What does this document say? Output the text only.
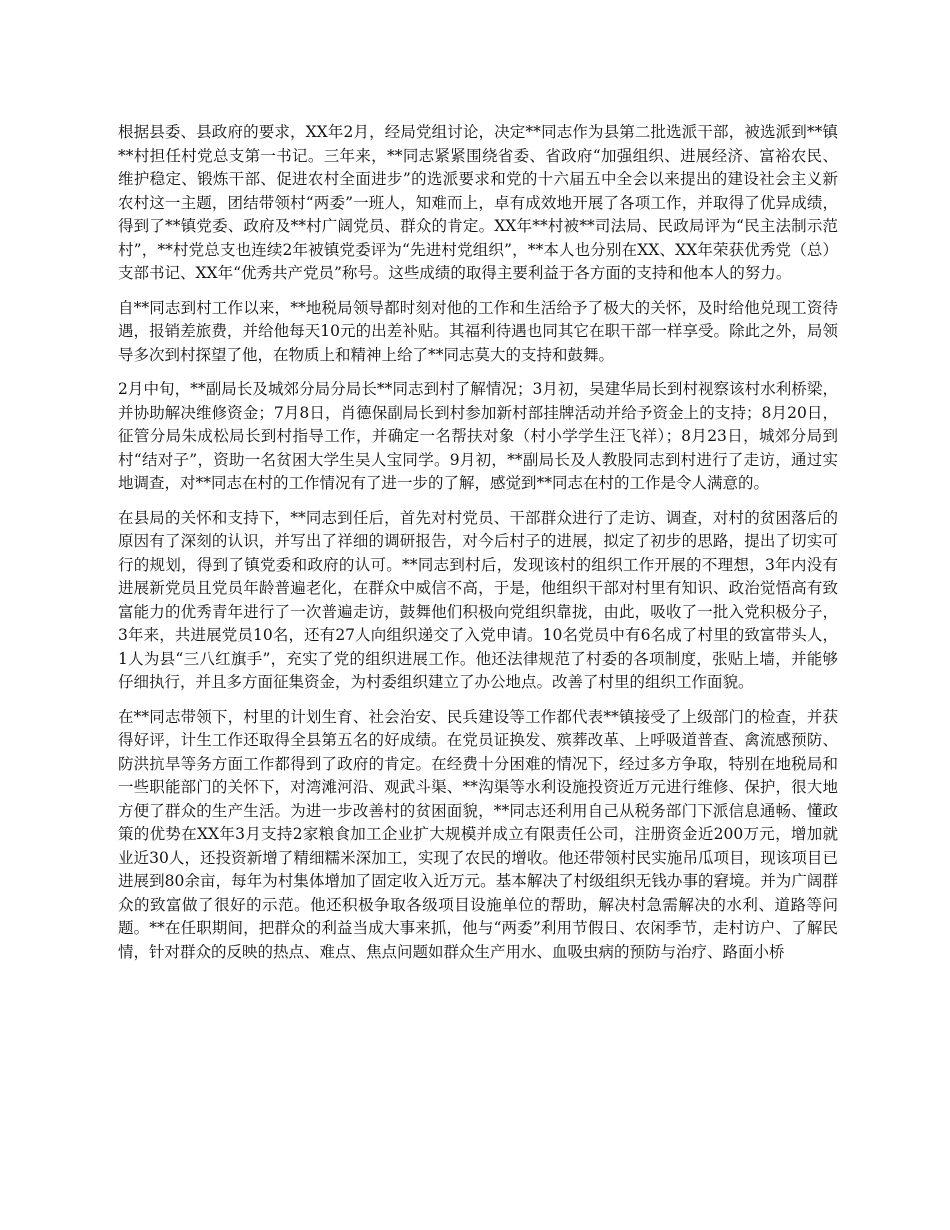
根据县委、县政府的要求，XX年2月，经局党组讨论，决定**同志作为县第二批选派干部，被选派到**镇**村担任村党总支第一书记。三年来，**同志紧紧围绕省委、省政府“加强组织、进展经济、富裕农民、维护稳定、锻炼干部、促进农村全面进步”的选派要求和党的十六届五中全会以来提出的建设社会主义新农村这一主题，团结带领村“两委”一班人，知难而上，卓有成效地开展了各项工作，并取得了优异成绩，得到了**镇党委、政府及**村广阔党员、群众的肯定。XX年**村被**司法局、民政局评为“民主法制示范村”，**村党总支也连续2年被镇党委评为“先进村党组织”，**本人也分别在XX、XX年荣获优秀党（总）支部书记、XX年“优秀共产党员”称号。这些成绩的取得主要利益于各方面的支持和他本人的努力。

自**同志到村工作以来，**地税局领导都时刻对他的工作和生活给予了极大的关怀，及时给他兑现工资待遇，报销差旅费，并给他每天10元的出差补贴。其福利待遇也同其它在职干部一样享受。除此之外，局领导多次到村探望了他，在物质上和精神上给了**同志莫大的支持和鼓舞。

2月中旬，**副局长及城郊分局分局长**同志到村了解情况；3月初，吴建华局长到村视察该村水利桥梁，并协助解决维修资金；7月8日，肖德保副局长到村参加新村部挂牌活动并给予资金上的支持；8月20日，征管分局朱成松局长到村指导工作，并确定一名帮扶对象（村小学学生汪飞祥）；8月23日，城郊分局到村“结对子”，资助一名贫困大学生吴人宝同学。9月初，**副局长及人教股同志到村进行了走访，通过实地调查，对**同志在村的工作情况有了进一步的了解，感觉到**同志在村的工作是令人满意的。

在县局的关怀和支持下，**同志到任后，首先对村党员、干部群众进行了走访、调查，对村的贫困落后的原因有了深刻的认识，并写出了祥细的调研报告，对今后村子的进展，拟定了初步的思路，提出了切实可行的规划，得到了镇党委和政府的认可。**同志到村后，发现该村的组织工作开展的不理想，3年内没有进展新党员且党员年龄普遍老化，在群众中威信不高，于是，他组织干部对村里有知识、政治觉悟高有致富能力的优秀青年进行了一次普遍走访，鼓舞他们积极向党组织靠拢，由此，吸收了一批入党积极分子，3年来，共进展党员10名，还有27人向组织递交了入党申请。10名党员中有6名成了村里的致富带头人，1人为县“三八红旗手”，充实了党的组织进展工作。他还法律规范了村委的各项制度，张贴上墙，并能够仔细执行，并且多方面征集资金，为村委组织建立了办公地点。改善了村里的组织工作面貌。

在**同志带领下，村里的计划生育、社会治安、民兵建设等工作都代表**镇接受了上级部门的检查，并获得好评，计生工作还取得全县第五名的好成绩。在党员证换发、殡葬改革、上呼吸道普查、禽流感预防、防洪抗旱等务方面工作都得到了政府的肯定。在经费十分困难的情况下，经过多方争取，特别在地税局和一些职能部门的关怀下，对湾滩河沿、观武斗渠、**沟渠等水利设施投资近万元进行维修、保护，很大地方便了群众的生产生活。为进一步改善村的贫困面貌，**同志还利用自己从税务部门下派信息通畅、懂政策的优势在XX年3月支持2家粮食加工企业扩大规模并成立有限责任公司，注册资金近200万元，增加就业近30人，还投资新增了精细糯米深加工，实现了农民的增收。他还带领村民实施吊瓜项目，现该项目已进展到80余亩，每年为村集体增加了固定收入近万元。基本解决了村级组织无钱办事的窘境。并为广阔群众的致富做了很好的示范。他还积极争取各级项目设施单位的帮助，解决村急需解决的水利、道路等问题。**在任职期间，把群众的利益当成大事来抓，他与“两委”利用节假日、农闲季节，走村访户、了解民情，针对群众的反映的热点、难点、焦点问题如群众生产用水、血吸虫病的预防与治疗、路面小桥
